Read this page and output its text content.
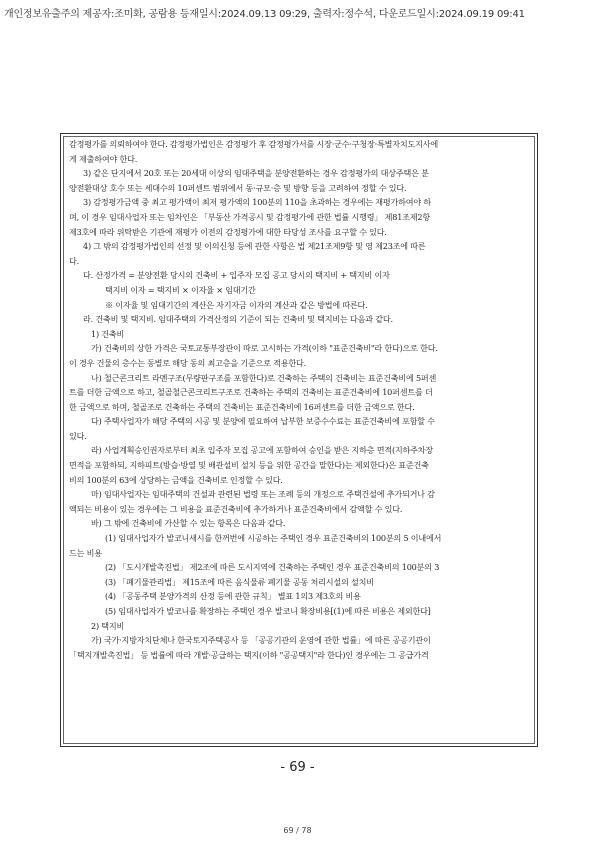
개인정보유출주의 제공자:조미화, 공람용 등재일시:2024.09.13 09:29, 출력자:정수석, 다운로드일시:2024.09.19 09:41

감정평가를 의뢰하여야 한다. 감정평가법인은 감정평가 후 감정평가서를 시장·군수·구청장·특별자치도지사에

게 제출하여야 한다.

3) 같은 단지에서 20호 또는 20세대 이상의 임대주택을 분양전환하는 경우 감정평가의 대상주택은 분

양전환대상 호수 또는 세대수의 10퍼센트 범위에서 동·규모·층 및 방향 등을 고려하여 정할 수 있다.

3) 감정평가금액 중 최고 평가액이 최저 평가액의 100분의 110을 초과하는 경우에는 재평가하여야 하

며, 이 경우 임대사업자 또는 임차인은 「부동산 가격공시 및 감정평가에 관한 법률 시행령」 제81조제2항

제3호에 따라 위탁받은 기관에 재평가 이전의 감정평가에 대한 타당성 조사를 요구할 수 있다.

4) 그 밖의 감정평가법인의 선정 및 이의신청 등에 관한 사항은 법 제21조제9항 및 영 제23조에 따른

다.

다. 산정가격 = 분양전환 당시의 건축비 + 입주자 모집 공고 당시의 택지비 + 택지비 이자

택지비 이자 = 택지비 × 이자율 × 임대기간

※ 이자율 및 임대기간의 계산은 자기자금 이자의 계산과 같은 방법에 따른다.

라. 건축비 및 택지비. 임대주택의 가격산정의 기준이 되는 건축비 및 택지비는 다음과 같다.

1) 건축비

가) 건축비의 상한 가격은 국토교통부장관이 따로 고시하는 가격(이하 "표준건축비"라 한다)으로 한다.

이 경우 건물의 층수는 동별로 해당 동의 최고층을 기준으로 적용한다.

나) 철근콘크리트 라멘구조(무량판구조를 포함한다)로 건축하는 주택의 건축비는 표준건축비에 5퍼센

트를 더한 금액으로 하고, 철골철근콘크리트구조로 건축하는 주택의 건축비는 표준건축비에 10퍼센트를 더

한 금액으로 하며, 철골조로 건축하는 주택의 건축비는 표준건축비에 16퍼센트를 더한 금액으로 한다.

다) 주택사업자가 해당 주택의 시공 및 분양에 필요하여 납부한 보증수수료는 표준건축비에 포함할 수

있다.

라) 사업계획승인권자로부터 최초 입주자 모집 공고에 포함하여 승인을 받은 지하층 면적(지하주차장

면적을 포함하되, 지하피트(방습·방열 및 배관설비 설치 등을 위한 공간을 말한다)는 제외한다)은 표준건축

비의 100분의 63에 상당하는 금액을 건축비로 인정할 수 있다.

마) 임대사업자는 임대주택의 건설과 관련된 법령 또는 조례 등의 개정으로 주택건설에 추가되거나 감

액되는 비용이 있는 경우에는 그 비용을 표준건축비에 추가하거나 표준건축비에서 감액할 수 있다.

바) 그 밖에 건축비에 가산할 수 있는 항목은 다음과 같다.

(1) 임대사업자가 발코니새시를 한꺼번에 시공하는 주택인 경우 표준건축비의 100분의 5 이내에서

드는 비용

(2) 「도시개발촉진법」 제2조에 따른 도시지역에 건축하는 주택인 경우 표준건축비의 100분의 3

(3) 「폐기물관리법」 제15조에 따른 음식물류 폐기물 공동 처리시설의 설치비

(4) 「공동주택 분양가격의 산정 등에 관한 규칙」 별표 1의3 제3호의 비용

(5) 임대사업자가 발코니를 확장하는 주택인 경우 발코니 확장비용[(1)에 따른 비용은 제외한다]

2) 택지비

가) 국가·지방자치단체나 한국토지주택공사 등 「공공기관의 운영에 관한 법률」에 따른 공공기관이

「택지개발촉진법」 등 법률에 따라 개발·공급하는 택지(이하 "공공택지"라 한다)인 경우에는 그 공급가격

- 69 -
69 / 78
